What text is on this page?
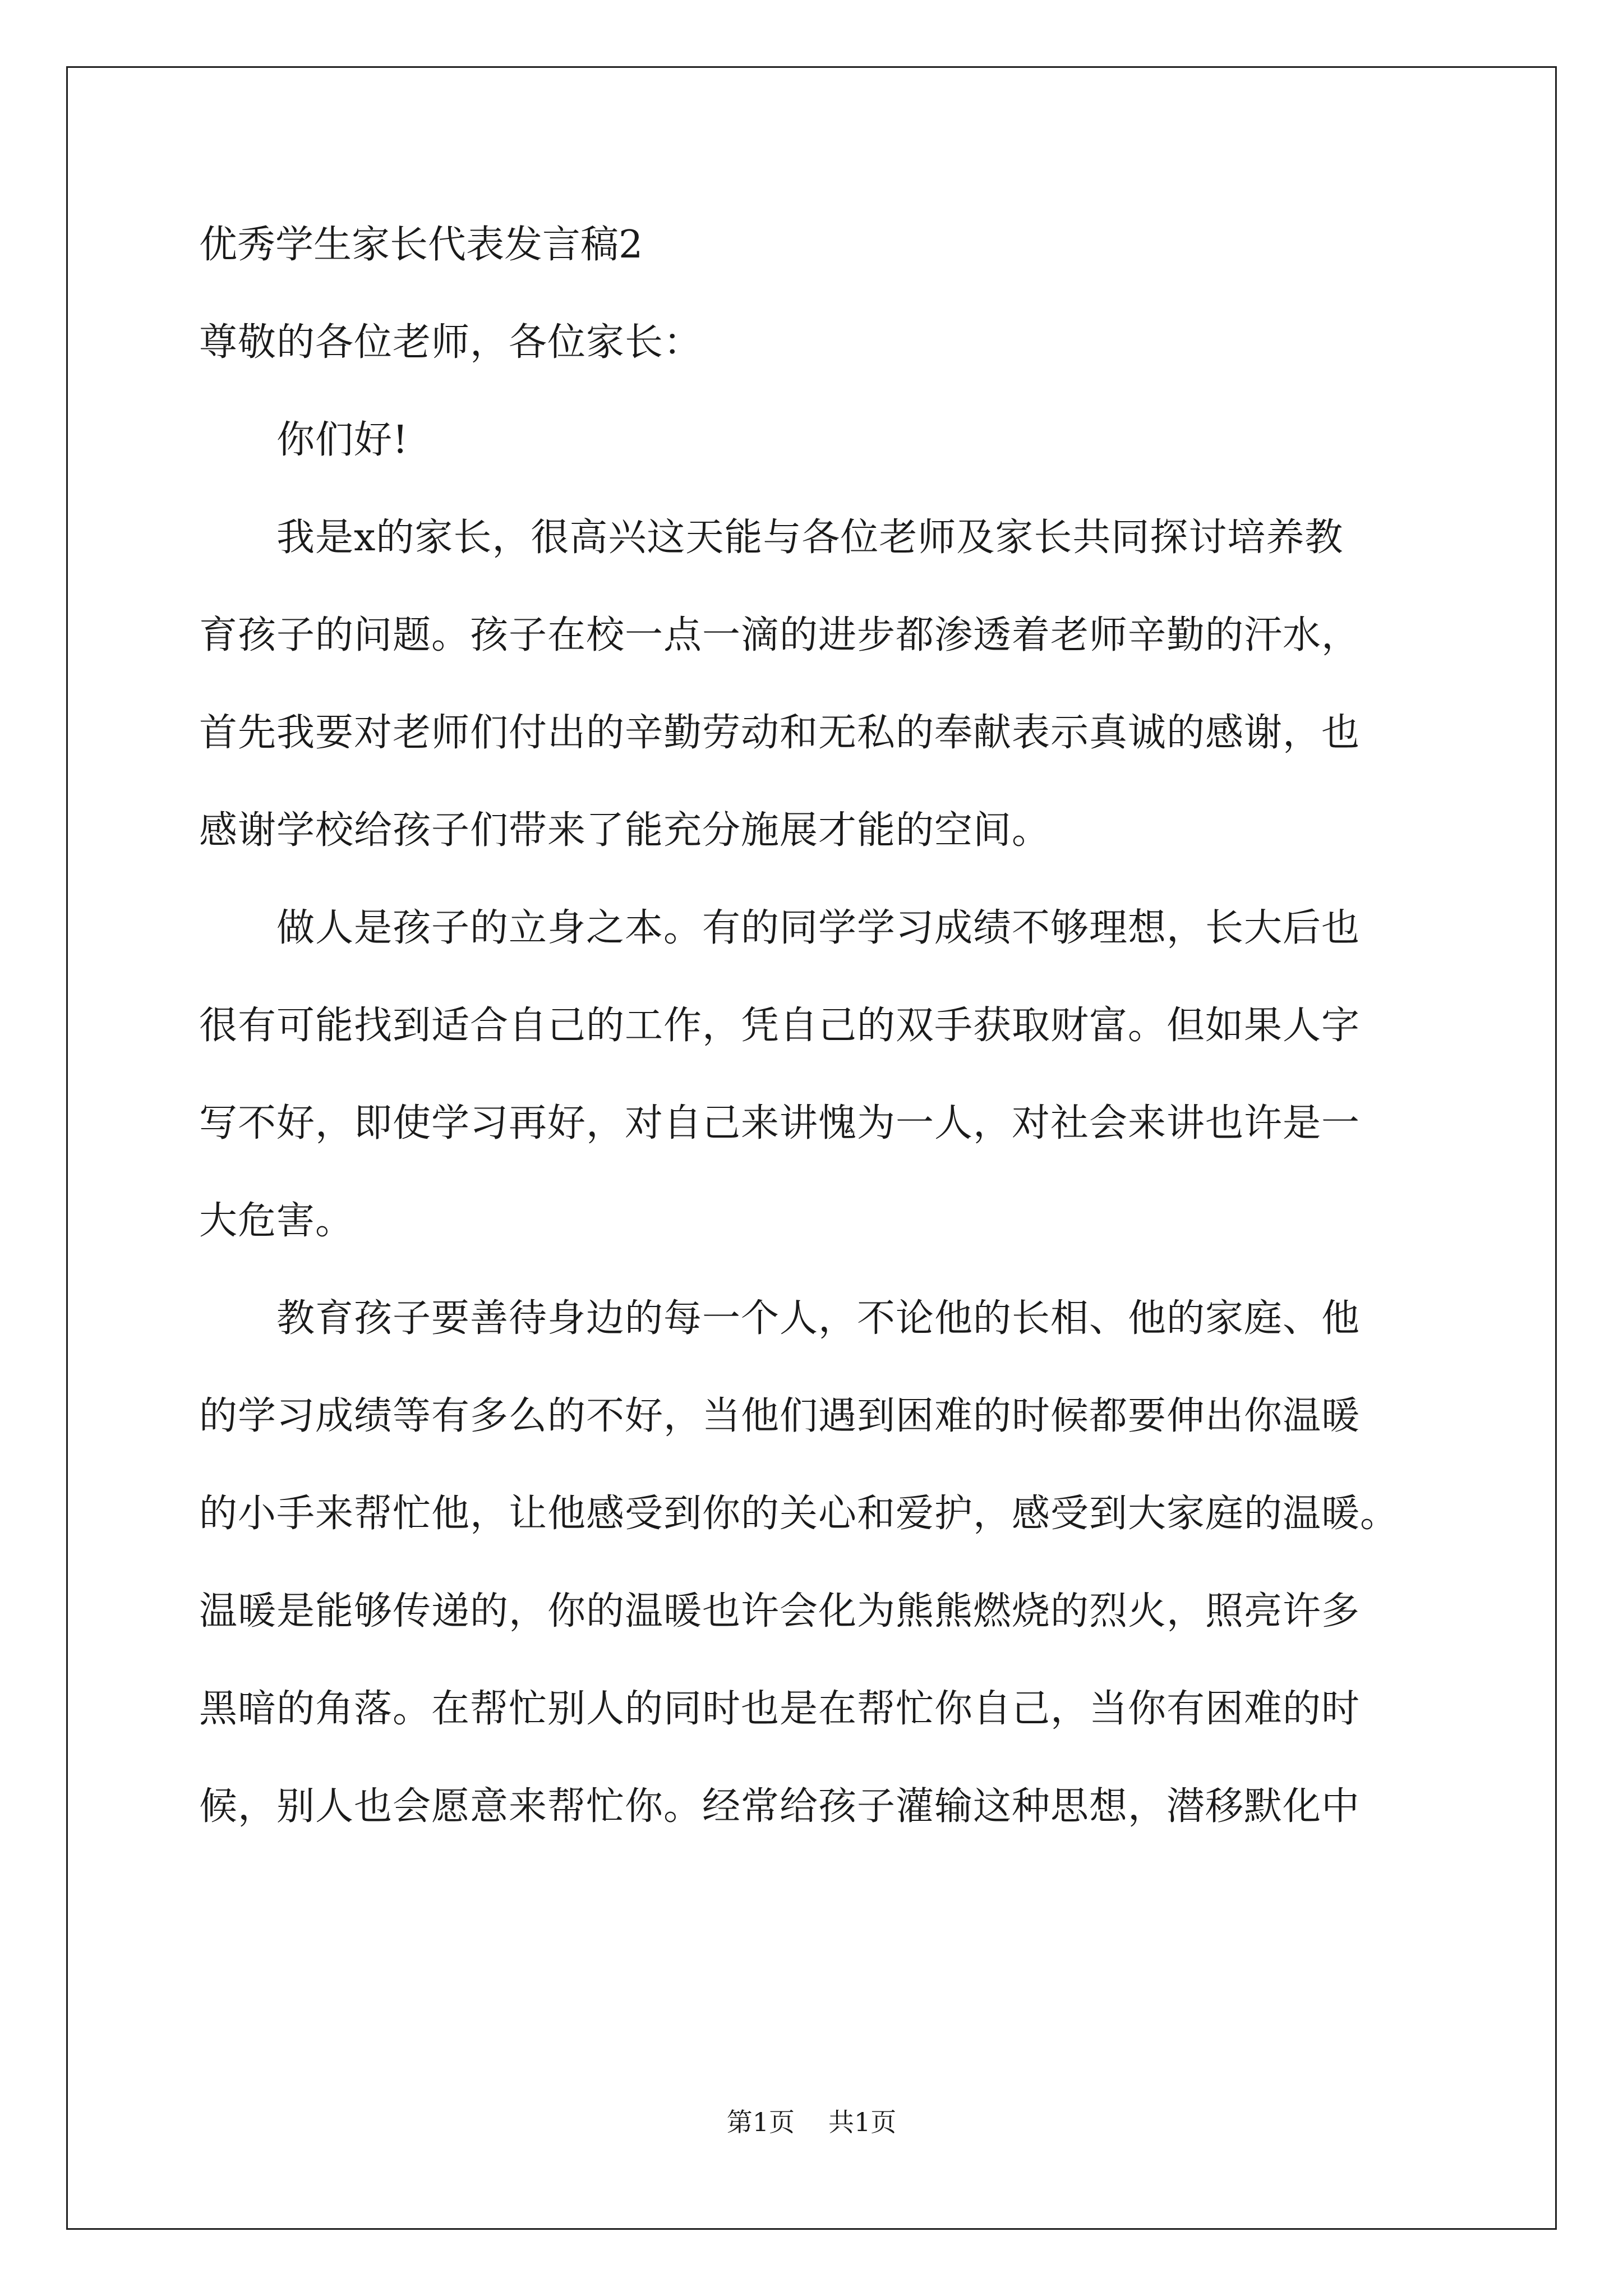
优秀学生家长代表发言稿2
尊敬的各位老师，各位家长：
　　你们好!
　　我是x的家长，很高兴这天能与各位老师及家长共同探讨培养教
育孩子的问题。孩子在校一点一滴的进步都渗透着老师辛勤的汗水，
首先我要对老师们付出的辛勤劳动和无私的奉献表示真诚的感谢，也
感谢学校给孩子们带来了能充分施展才能的空间。
　　做人是孩子的立身之本。有的同学学习成绩不够理想，长大后也
很有可能找到适合自己的工作，凭自己的双手获取财富。但如果人字
写不好，即使学习再好，对自己来讲愧为一人，对社会来讲也许是一
大危害。
　　教育孩子要善待身边的每一个人，不论他的长相、他的家庭、他
的学习成绩等有多么的不好，当他们遇到困难的时候都要伸出你温暖
的小手来帮忙他，让他感受到你的关心和爱护，感受到大家庭的温暖。
温暖是能够传递的，你的温暖也许会化为熊熊燃烧的烈火，照亮许多
黑暗的角落。在帮忙别人的同时也是在帮忙你自己，当你有困难的时
候，别人也会愿意来帮忙你。经常给孩子灌输这种思想，潜移默化中
第1页 共1页
